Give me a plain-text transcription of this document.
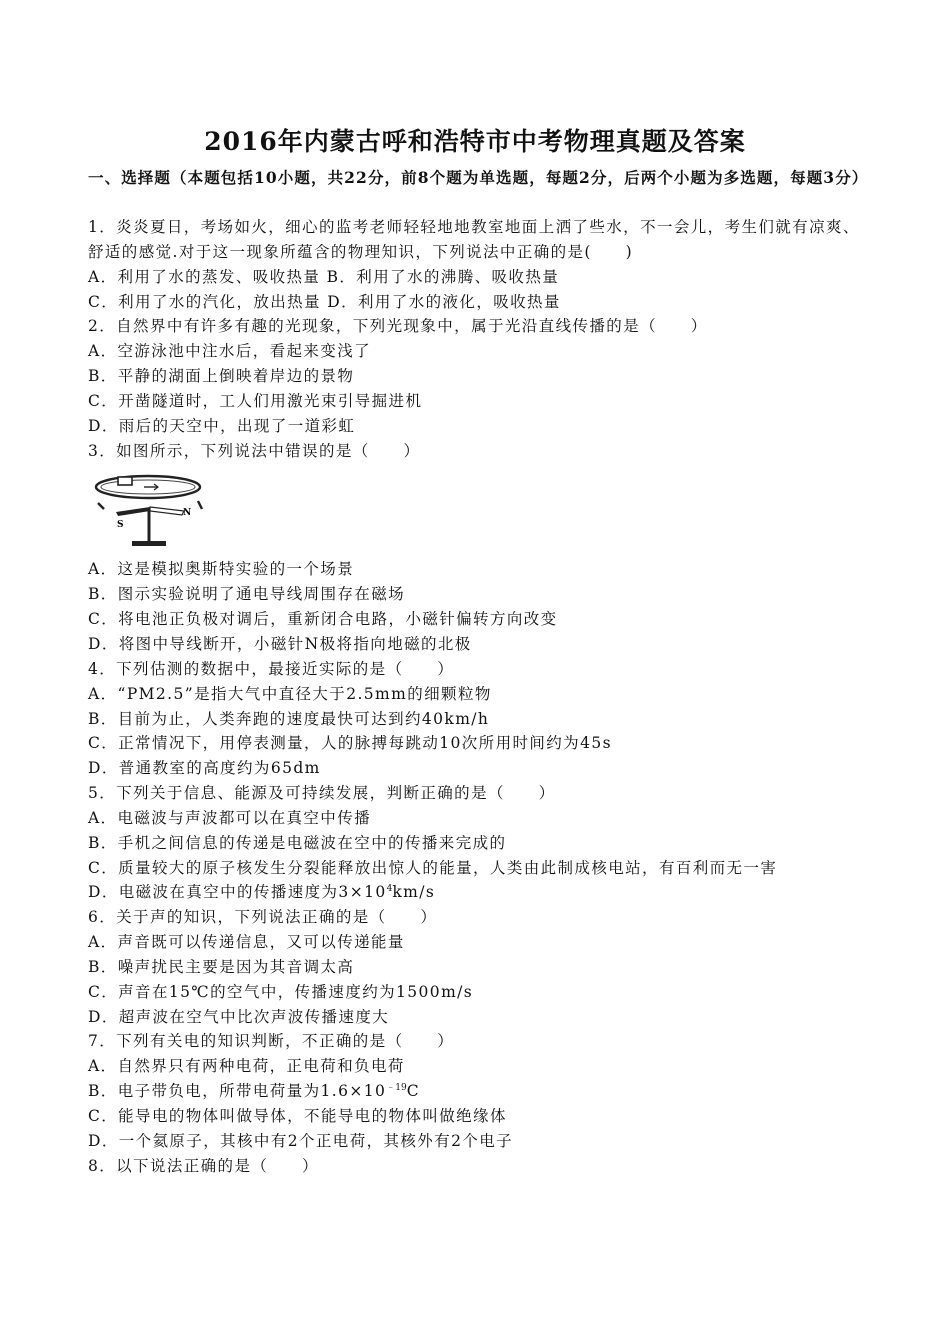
2016年内蒙古呼和浩特市中考物理真题及答案
一、选择题（本题包括10小题，共22分，前8个题为单选题，每题2分，后两个小题为多选题，每题3分）
1．炎炎夏日，考场如火，细心的监考老师轻轻地地教室地面上洒了些水，不一会儿，考生们就有凉爽、舒适的感觉.对于这一现象所蕴含的物理知识，下列说法中正确的是(　　)
A．利用了水的蒸发、吸收热量 B．利用了水的沸腾、吸收热量
C．利用了水的汽化，放出热量 D．利用了水的液化，吸收热量
2．自然界中有许多有趣的光现象，下列光现象中，属于光沿直线传播的是（　　）
A．空游泳池中注水后，看起来变浅了
B．平静的湖面上倒映着岸边的景物
C．开凿隧道时，工人们用激光束引导掘进机
D．雨后的天空中，出现了一道彩虹
3．如图所示，下列说法中错误的是（　　）
S
N
A．这是模拟奥斯特实验的一个场景
B．图示实验说明了通电导线周围存在磁场
C．将电池正负极对调后，重新闭合电路，小磁针偏转方向改变
D．将图中导线断开，小磁针N极将指向地磁的北极
4．下列估测的数据中，最接近实际的是（　　）
A．“PM2.5”是指大气中直径大于2.5mm的细颗粒物
B．目前为止，人类奔跑的速度最快可达到约40km/h
C．正常情况下，用停表测量，人的脉搏每跳动10次所用时间约为45s
D．普通教室的高度约为65dm
5．下列关于信息、能源及可持续发展，判断正确的是（　　）
A．电磁波与声波都可以在真空中传播
B．手机之间信息的传递是电磁波在空中的传播来完成的
C．质量较大的原子核发生分裂能释放出惊人的能量，人类由此制成核电站，有百利而无一害
D．电磁波在真空中的传播速度为$3\times 10^4km/s$
6．关于声的知识，下列说法正确的是（　　）
A．声音既可以传递信息，又可以传递能量
B．噪声扰民主要是因为其音调太高
C．声音在15℃的空气中，传播速度约为1500m/s
D．超声波在空气中比次声波传播速度大
7．下列有关电的知识判断，不正确的是（　　）
A．自然界只有两种电荷，正电荷和负电荷
B．电子带负电，所带电荷量为$1.6\times 10^{﹣19}C$
C．能导电的物体叫做导体，不能导电的物体叫做绝缘体
D．一个氦原子，其核中有2个正电荷，其核外有2个电子
8．以下说法正确的是（　　）
